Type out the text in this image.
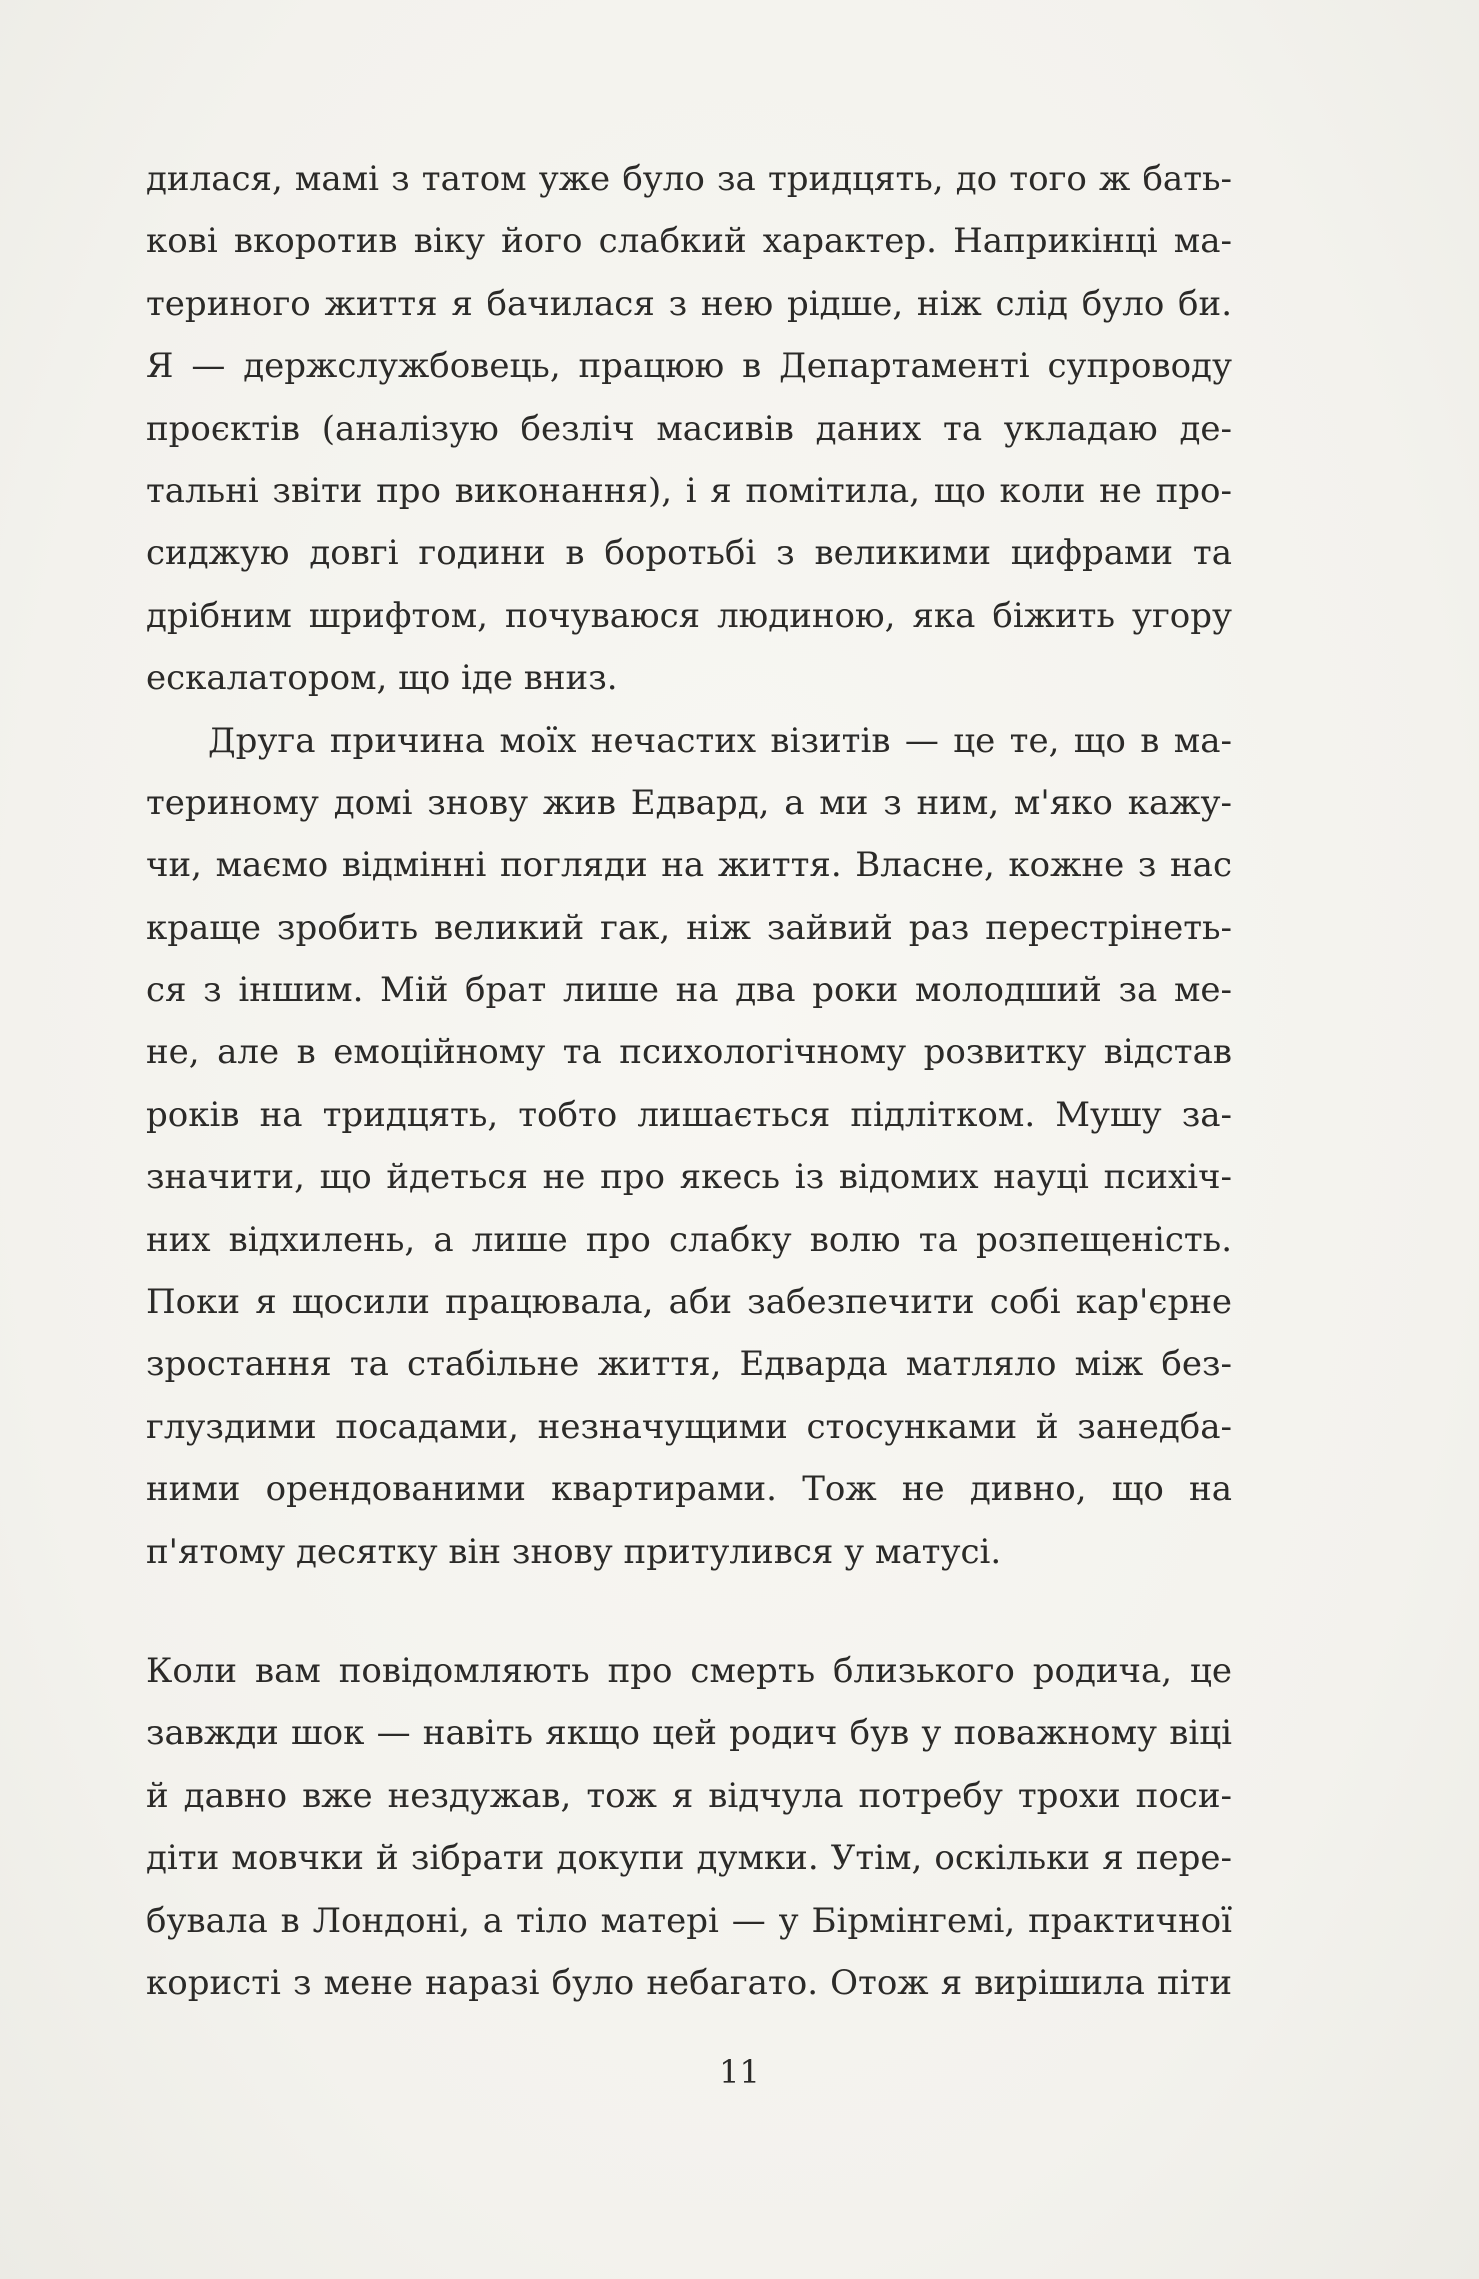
дилася, мамі з татом уже було за тридцять, до того ж бать-
кові вкоротив віку його слабкий характер. Наприкінці ма-
териного життя я бачилася з нею рідше, ніж слід було би.
Я — держслужбовець, працюю в Департаменті супроводу
проєктів (аналізую безліч масивів даних та укладаю де-
тальні звіти про виконання), і я помітила, що коли не про-
сиджую довгі години в боротьбі з великими цифрами та
дрібним шрифтом, почуваюся людиною, яка біжить угору
ескалатором, що іде вниз.
Друга причина моїх нечастих візитів — це те, що в ма-
териному домі знову жив Едвард, а ми з ним, м'яко кажу-
чи, маємо відмінні погляди на життя. Власне, кожне з нас
краще зробить великий гак, ніж зайвий раз перестрінеть-
ся з іншим. Мій брат лише на два роки молодший за ме-
не, але в емоційному та психологічному розвитку відстав
років на тридцять, тобто лишається підлітком. Мушу за-
значити, що йдеться не про якесь із відомих науці психіч-
них відхилень, а лише про слабку волю та розпещеність.
Поки я щосили працювала, аби забезпечити собі кар'єрне
зростання та стабільне життя, Едварда матляло між без-
глуздими посадами, незначущими стосунками й занедба-
ними орендованими квартирами. Тож не дивно, що на
п'ятому десятку він знову притулився у матусі.
Коли вам повідомляють про смерть близького родича, це
завжди шок — навіть якщо цей родич був у поважному віці
й давно вже нездужав, тож я відчула потребу трохи поси-
діти мовчки й зібрати докупи думки. Утім, оскільки я пере-
бувала в Лондоні, а тіло матері — у Бірмінгемі, практичної
користі з мене наразі було небагато. Отож я вирішила піти
11
